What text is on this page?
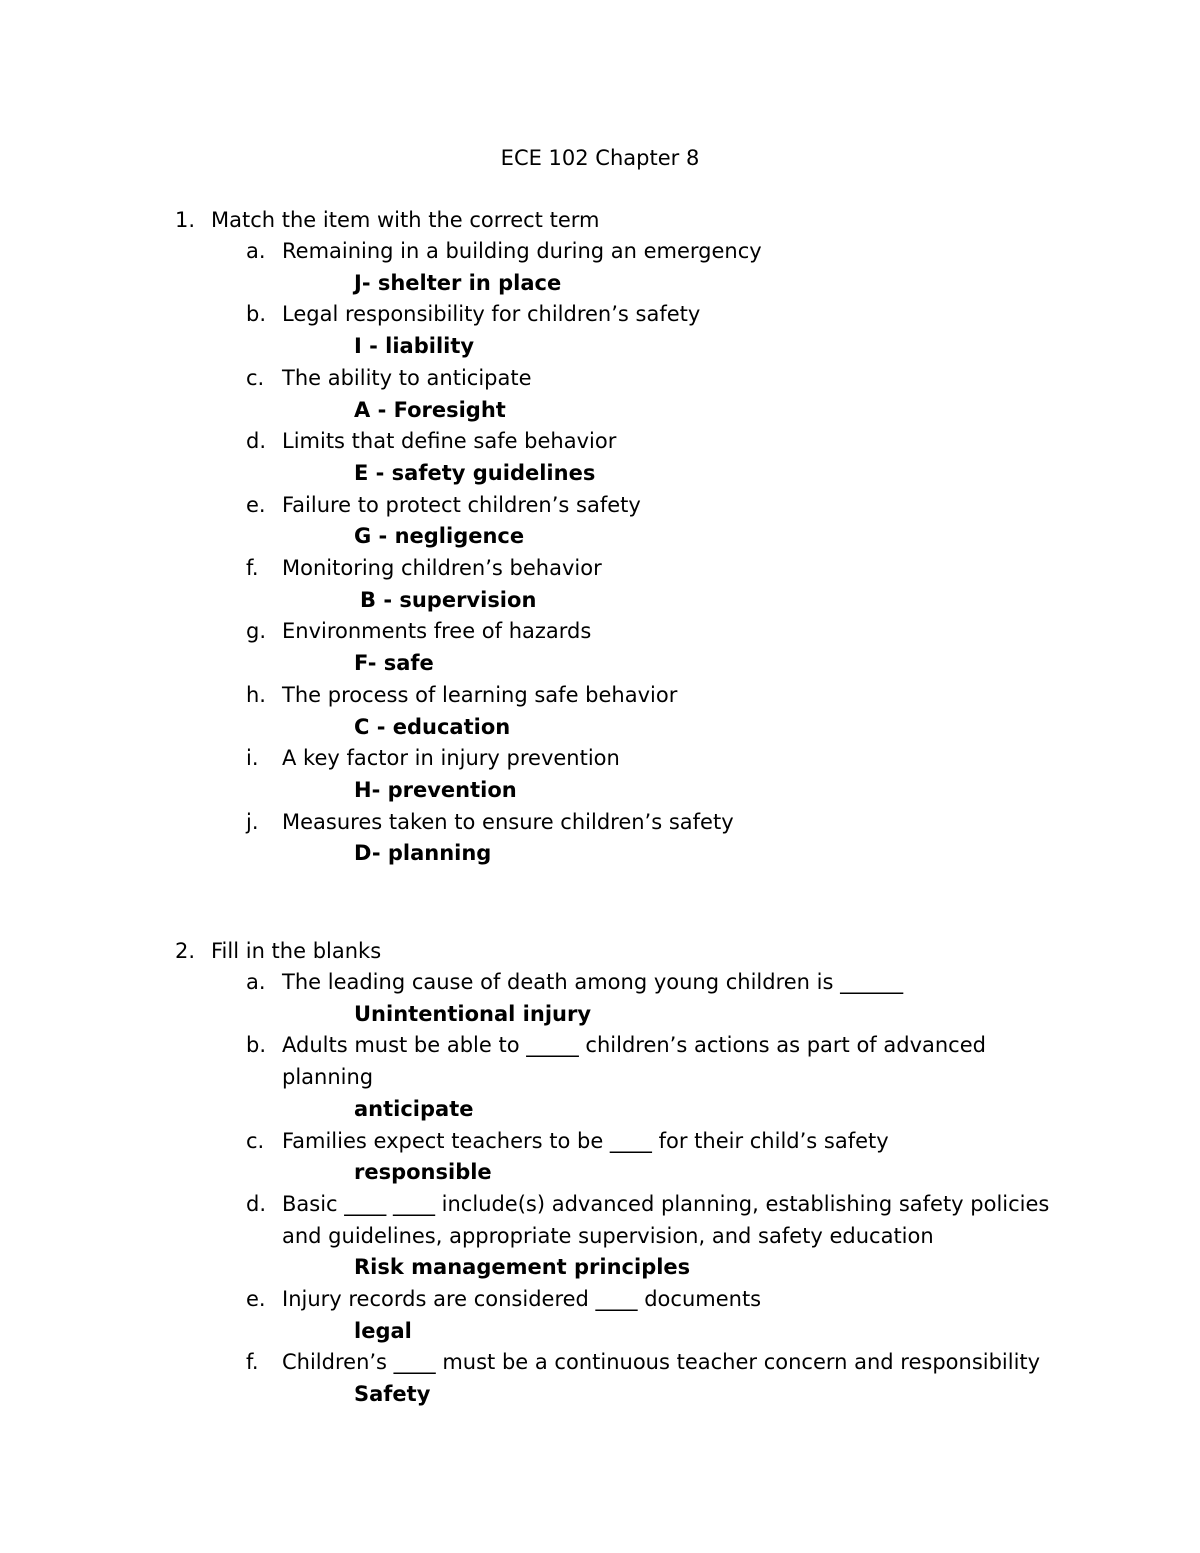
ECE 102 Chapter 8
1. Match the item with the correct term
a. Remaining in a building during an emergency
J- shelter in place
b. Legal responsibility for children’s safety
I - liability
c. The ability to anticipate
A - Foresight
d. Limits that define safe behavior
E - safety guidelines
e. Failure to protect children’s safety
G - negligence
f. Monitoring children’s behavior
B - supervision
g. Environments free of hazards
F- safe
h. The process of learning safe behavior
C - education
i. A key factor in injury prevention
H- prevention
j. Measures taken to ensure children’s safety
D- planning
2. Fill in the blanks
a. The leading cause of death among young children is ______
Unintentional injury
b. Adults must be able to _____ children’s actions as part of advanced planning
anticipate
c. Families expect teachers to be ____ for their child’s safety
responsible
d. Basic ____ ____ include(s) advanced planning, establishing safety policies and guidelines, appropriate supervision, and safety education
Risk management principles
e. Injury records are considered ____ documents
legal
f. Children’s ____ must be a continuous teacher concern and responsibility
Safety
